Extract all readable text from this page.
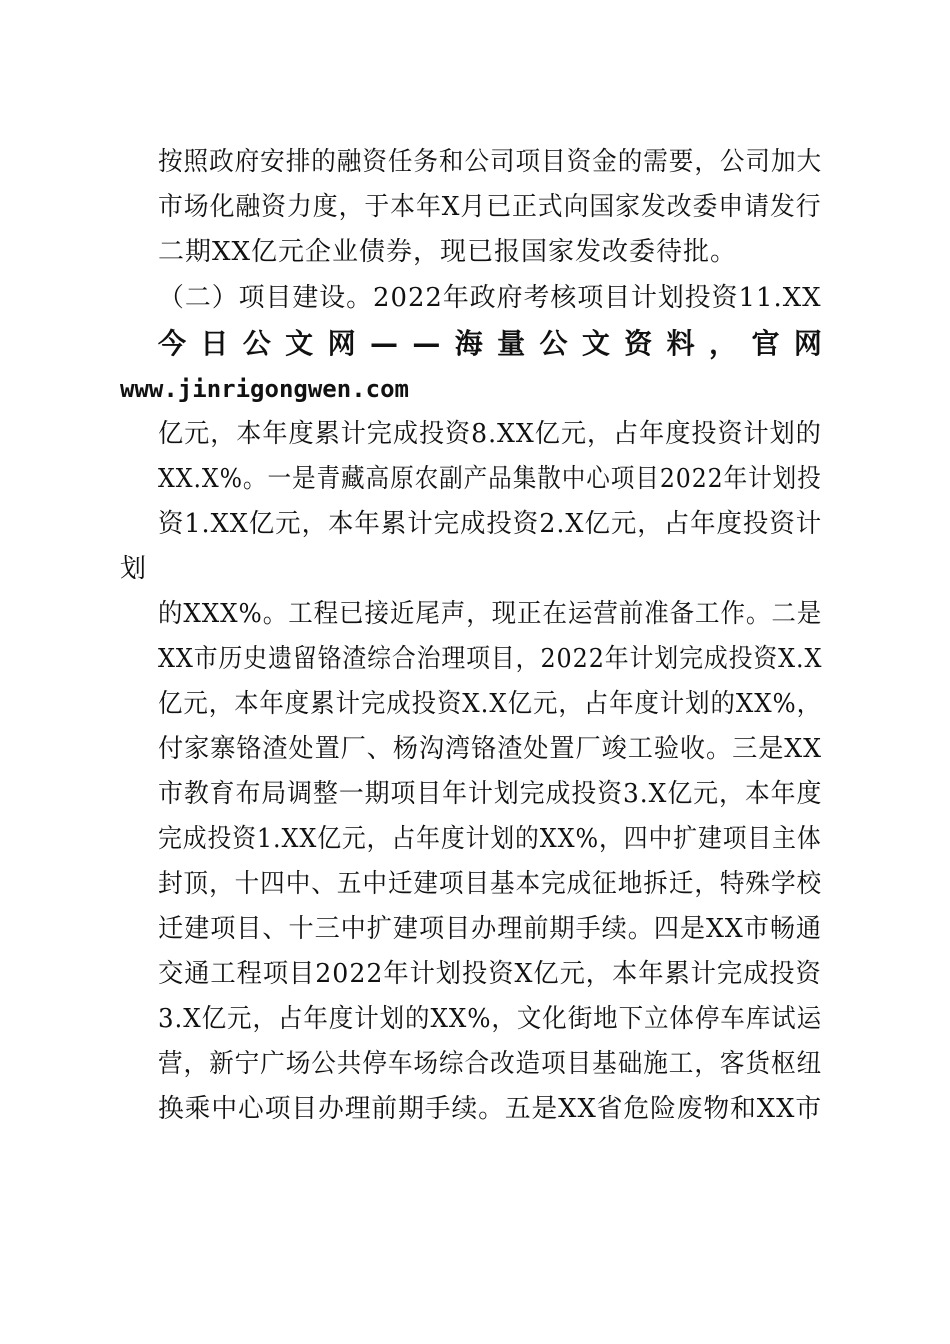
按照政府安排的融资任务和公司项目资金的需要，公司加大
市场化融资力度，于本年X月已正式向国家发改委申请发行
二期XX亿元企业债券，现已报国家发改委待批。
（二）项目建设。2022年政府考核项目计划投资11.XX
今 日 公 文 网 — — 海 量 公 文 资 料 ， 官 网
www.jinrigongwen.com
亿元，本年度累计完成投资8.XX亿元，占年度投资计划的
XX.X%。一是青藏高原农副产品集散中心项目2022年计划投
资1.XX亿元，本年累计完成投资2.X亿元，占年度投资计
划
的XXX%。工程已接近尾声，现正在运营前准备工作。二是
XX市历史遗留铬渣综合治理项目，2022年计划完成投资X.X
亿元，本年度累计完成投资X.X亿元，占年度计划的XX%，
付家寨铬渣处置厂、杨沟湾铬渣处置厂竣工验收。三是XX
市教育布局调整一期项目年计划完成投资3.X亿元，本年度
完成投资1.XX亿元，占年度计划的XX%，四中扩建项目主体
封顶，十四中、五中迁建项目基本完成征地拆迁，特殊学校
迁建项目、十三中扩建项目办理前期手续。四是XX市畅通
交通工程项目2022年计划投资X亿元，本年累计完成投资
3.X亿元，占年度计划的XX%，文化街地下立体停车库试运
营，新宁广场公共停车场综合改造项目基础施工，客货枢纽
换乘中心项目办理前期手续。五是XX省危险废物和XX市
